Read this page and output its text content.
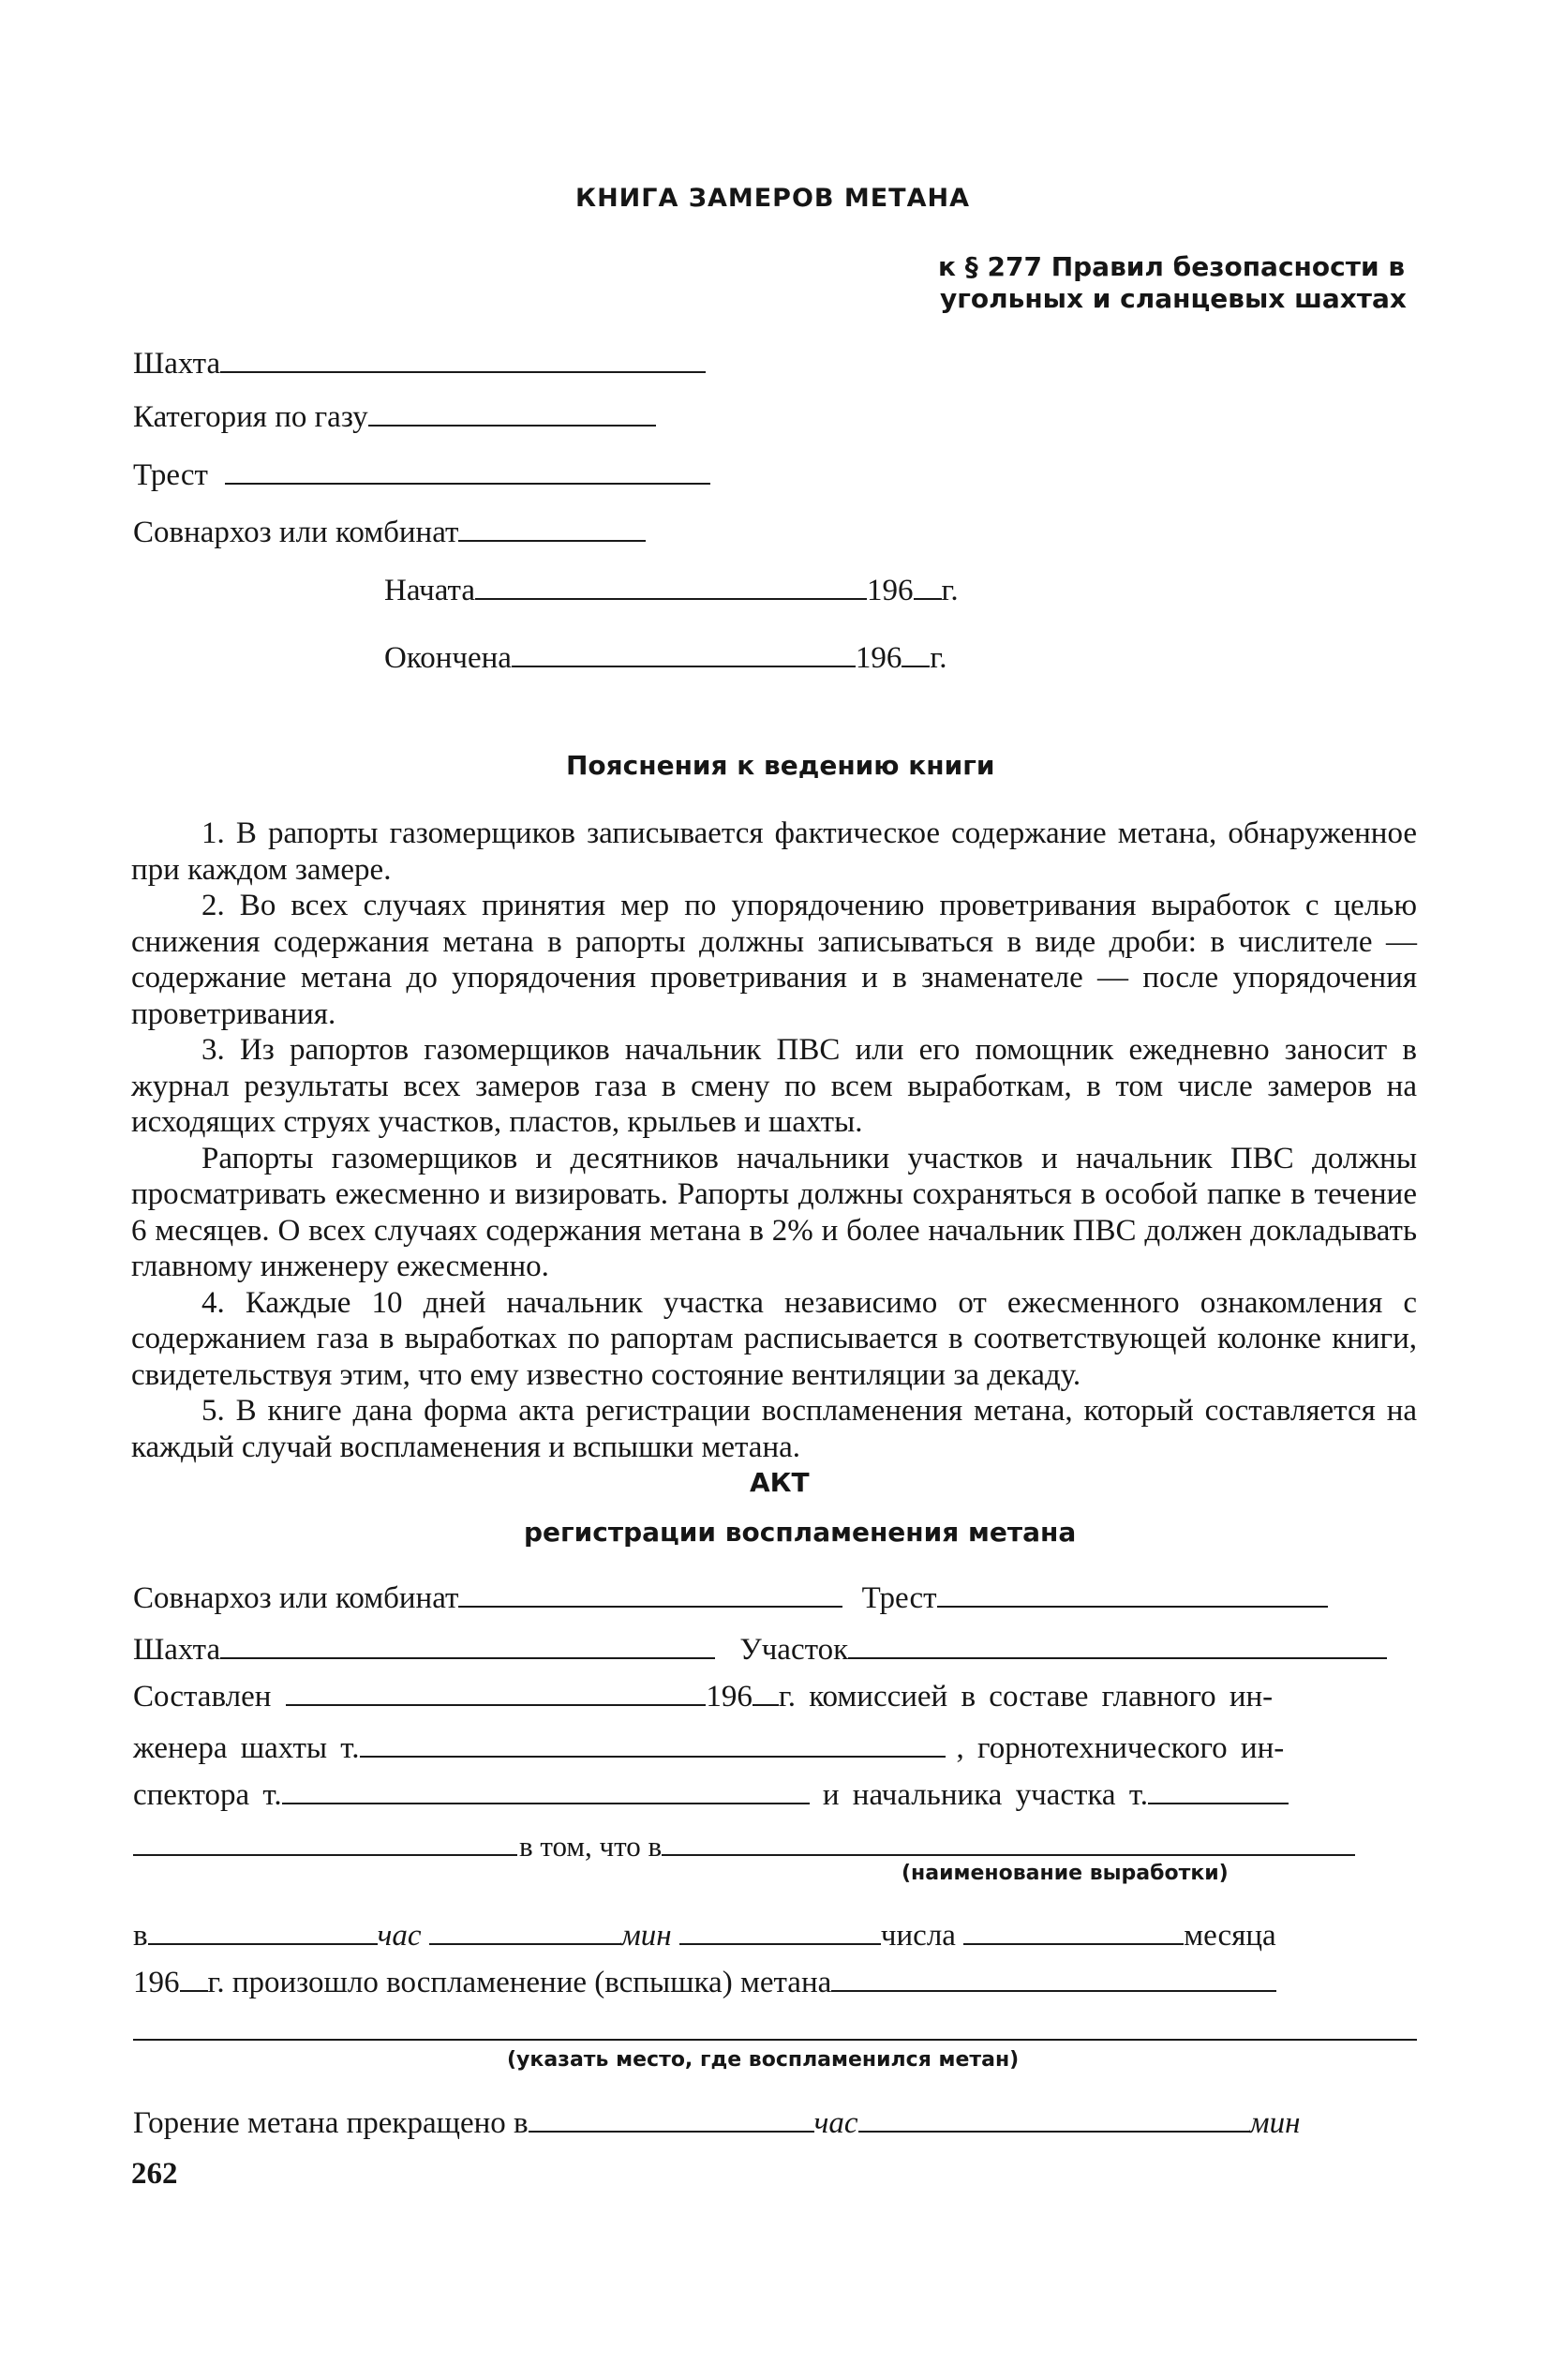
КНИГА ЗАМЕРОВ МЕТАНА
к § 277 Правил безопасности в
угольных и сланцевых шахтах
Шахта
Категория по газу
Трест
Совнархоз или комбинат
Начата	196 г.
Окончена	196 г.
Пояснения к ведению книги

1. В рапорты газомерщиков записывается фактическое содержание метана, обнаруженное при каждом замере.

2. Во всех случаях принятия мер по упорядочению проветривания выработок с целью снижения содержания метана в рапорты должны записываться в виде дроби: в числителе — содержание метана до упорядочения проветривания и в знаменателе — после упорядочения проветривания.

3. Из рапортов газомерщиков начальник ПВС или его помощник ежедневно заносит в журнал результаты всех замеров газа в смену по всем выработкам, в том числе замеров на исходящих струях участков, пластов, крыльев и шахты.

Рапорты газомерщиков и десятников начальники участков и начальник ПВС должны просматривать ежесменно и визировать. Рапорты должны сохраняться в особой папке в течение 6 месяцев. О всех случаях содержания метана в 2% и более начальник ПВС должен докладывать главному инженеру ежесменно.

4. Каждые 10 дней начальник участка независимо от ежесменного ознакомления с содержанием газа в выработках по рапортам расписывается в соответствующей колонке книги, свидетельствуя этим, что ему известно состояние вентиляции за декаду.

5. В книге дана форма акта регистрации воспламенения метана, который составляется на каждый случай воспламенения и вспышки метана.

АКТ
регистрации воспламенения метана
Совнархоз или комбинат	Трест
Шахта	Участок
Составлен	196 г. комиссией в составе главного ин-
женера шахты т.	, горнотехнического ин-
спектора т.	и начальника участка т.
в том, что в
(наименование выработки)
в	час	мин	числа	месяца
196 г. произошло воспламенение (вспышка) метана
(указать место, где воспламенился метан)
Горение метана прекращено в	час	мин
262
